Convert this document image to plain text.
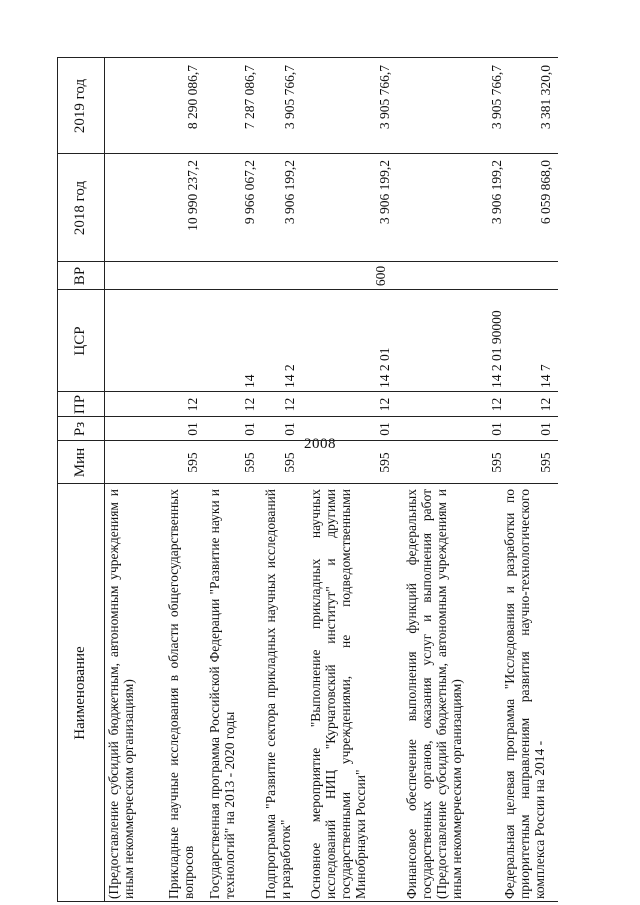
2008
Наименование
Мин
Рз
ПР
ЦСР
ВР
2018 год
2019 год
(Предоставление субсидий бюджетным, автономным учреждениям и иным некоммерческим организациям) Прикладные научные исследования в области общегосударственных вопросов
595
01
12
10 990 237,2
8 290 086,7
Государственная программа Российской Федерации "Развитие науки и технологий" на 2013 - 2020 годы
595
01
12
14
9 966 067,2
7 287 086,7
Подпрограмма "Развитие сектора прикладных научных исследований и разработок"
595
01
12
14 2
3 906 199,2
3 905 766,7
Основное мероприятие "Выполнение прикладных научных исследований НИЦ "Курчатовский институт" и другими государственными учреждениями, не подведомственными Минобрнауки России"
595
01
12
14 2 01
3 906 199,2
3 905 766,7
Финансовое обеспечение выполнения функций федеральных государственных органов, оказания услуг и выполнения работ (Предоставление субсидий бюджетным, автономным учреждениям и иным некоммерческим организациям)
595
01
12
14 2 01 90000
600
3 906 199,2
3 905 766,7
Федеральная целевая программа "Исследования и разработки по приоритетным направлениям развития научно-технологического комплекса России на 2014 -
595
01
12
14 7
6 059 868,0
3 381 320,0
